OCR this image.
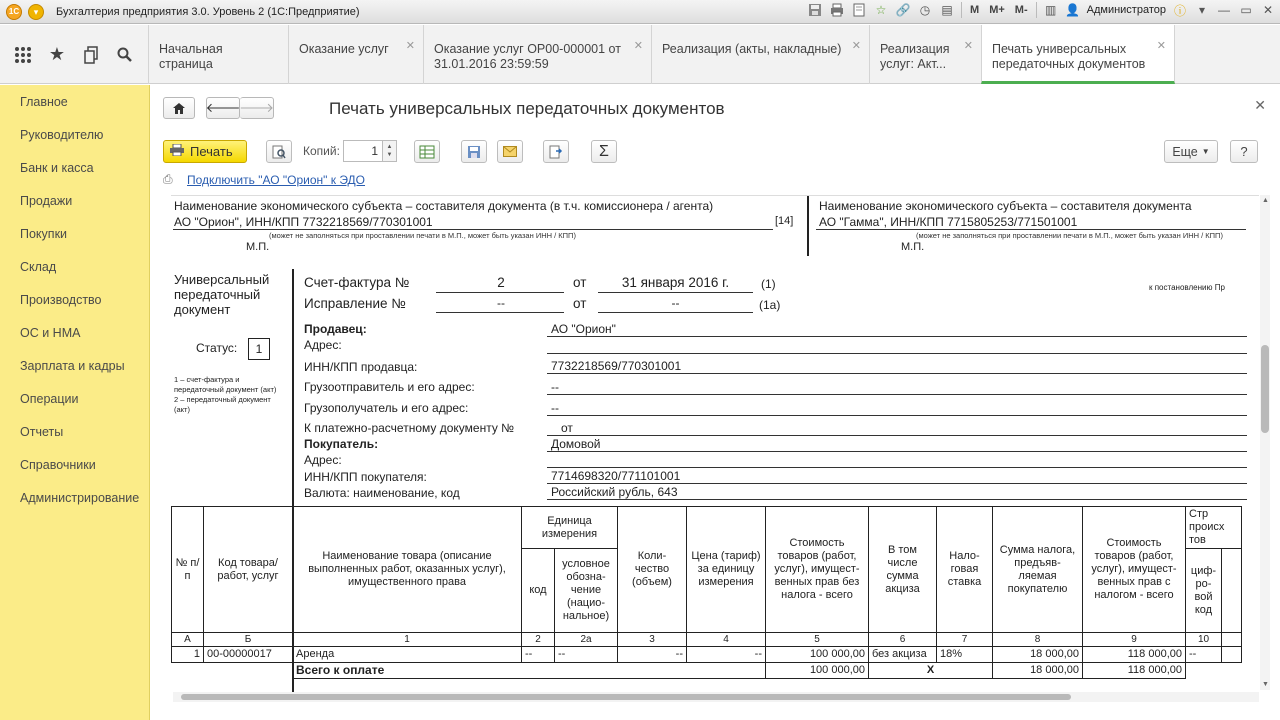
1C	▾	Бухгалтерия предприятия 3.0. Уровень 2 (1С:Предприятие)	☆ 🔗 ◷ ▤ M M+ M- ▥ 👤 Администратор ⓘ	▾	— ▭ ✕
★	Начальная страница
Оказание услуг ✕ Оказание услуг ОР00-000001 от 31.01.2016 23:59:59
✕	Реализация (акты, накладные) ✕ Реализация услуг: Акт...
✕ Печать универсальных передаточных документов
✕
Главное
Руководителю
Банк и касса
Продажи
Покупки
Склад
Производство
ОС и НМА
Зарплата и кадры
Операции
Отчеты
Справочники
Администрирование
🡐
🡒	Печать универсальных передаточных документов	✕
Печать	Копий:	1	▲
▼	Σ	Еще ▼	?
⎙ Подключить "АО "Орион" к ЭДО
Наименование экономического субъекта – составителя документа (в т.ч. комиссионера / агента)
АО "Орион", ИНН/КПП 7732218569/770301001	[14]
(может не заполняться при проставлении печати в М.П., может быть указан ИНН / КПП)
М.П.
Наименование экономического субъекта – составителя документа
АО "Гамма", ИНН/КПП 7715805253/771501001
(может не заполняться при проставлении печати в М.П., может быть указан ИНН / КПП)
М.П.
Универсальный передаточный документ
Статус:	1
1 – счет-фактура и передаточный документ (акт)
2 – передаточный документ (акт)
Счет-фактура №	2	от	31 января 2016 г.	(1)	к постановлению Пр
Исправление №	--	от	--	(1а)
Продавец:	АО "Орион"
Адрес:
ИНН/КПП продавца:	7732218569/770301001
Грузоотправитель и его адрес:	--
Грузополучатель и его адрес:	--
К платежно-расчетному документу №	от
Покупатель:	Домовой
Адрес:
ИНН/КПП покупателя:	7714698320/771101001
Валюта: наименование, код	Российский рубль, 643
№ п/п	Код товара/ работ, услуг	Наименование товара (описание выполненных работ, оказанных услуг), имущественного права	Единица измерения		Коли-чество (объем)	Цена (тариф) за единицу измерения	Стоимость товаров (работ, услуг), имущест-венных прав без налога - всего	В том числе сумма акциза	Нало-говая ставка	Сумма налога, предъяв-ляемая покупателю	Стоимость товаров (работ, услуг), имущест-венных прав с налогом - всего	Стр происх тов	
			код	условное обозна-чение (нацио-нальное)								циф-ро-вой код	
А	Б	1	2	2а	3	4	5	6	7	8	9	10	
1	00-00000017	Аренда	--	--	--	--	100 000,00	без акциза	18%	18 000,00	118 000,00	--	
		Всего к оплате					100 000,00	Х		18 000,00	118 000,00		
▲
▼
